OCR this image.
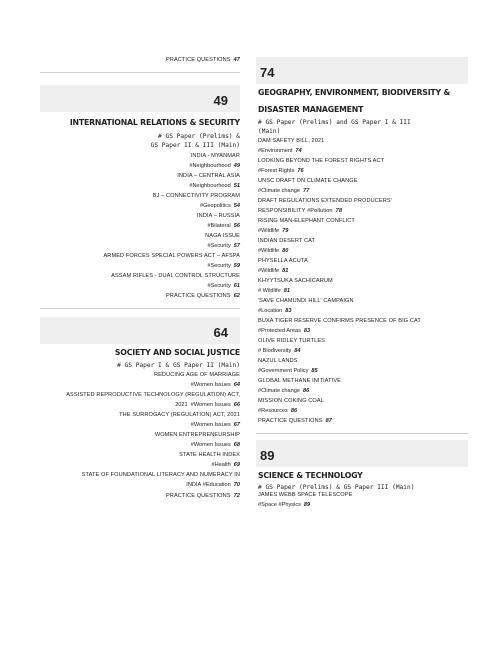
PRACTICE QUESTIONS 47
49
INTERNATIONAL RELATIONS & SECURITY
# GS Paper (Prelims) &
GS Paper II & III (Main)
INDIA - MYANMAR
#Neighbourhood 49
INDIA – CENTRAL ASIA
#Neighbourhood 51
BJ – CONNECTIVITY PROGRAM
#Geopolitics 54
INDIA – RUSSIA
#Bilateral 56
NAGA ISSUE
#Security 57
ARMED FORCES SPECIAL POWERS ACT – AFSPA
#Security 59
ASSAM RIFLES - DUAL CONTROL STRUCTURE
#Security 61
PRACTICE QUESTIONS 62
64
SOCIETY AND SOCIAL JUSTICE
# GS Paper I & GS Paper II (Main)
REDUCING AGE OF MARRIAGE
#Women Issues 64
ASSISTED REPRODUCTIVE TECHNOLOGY (REGULATION) ACT,
2021 #Women Issues 66
THE SURROGACY (REGULATION) ACT, 2021
#Women Issues 67
WOMEN ENTREPRENEURSHIP
#Women Issues 68
STATE HEALTH INDEX
#Health 69
STATE OF FOUNDATIONAL LITERACY AND NUMERACY IN
INDIA #Education 70
PRACTICE QUESTIONS 72
74
GEOGRAPHY, ENVIRONMENT, BIODIVERSITY &
DISASTER MANAGEMENT
# GS Paper (Prelims) and GS Paper I & III
(Main)
DAM SAFETY BILL, 2021
#Environment 74
LOOKING BEYOND THE FOREST RIGHTS ACT
#Forest Rights 76
UNSC DRAFT ON CLIMATE CHANGE
#Climate change 77
DRAFT REGULATIONS EXTENDED PRODUCERS'
RESPONSIBILITY #Pollution 78
RISING MAN-ELEPHANT CONFLICT
#Wildlife 79
INDIAN DESERT CAT
#Wildlife 80
PHYSELLA ACUTA
#Wildlife 81
KHYYTSUKA SACHICARUM
# Wildlife 81
'SAVE CHAMUNDI HILL' CAMPAIGN
#Location 83
BUXA TIGER RESERVE CONFIRMS PRESENCE OF BIG CAT
#Protected Areas 83
OLIVE RIDLEY TURTLES
# Biodiversity 84
NAZUL LANDS
#Government Policy 85
GLOBAL METHANE INITIATIVE
#Climate change 86
MISSION COKING COAL
#Resources 86
PRACTICE QUESTIONS 87
89
SCIENCE & TECHNOLOGY
# GS Paper (Prelims) & GS Paper III (Main)
JAMES WEBB SPACE TELESCOPE
#Space #Physics 89
